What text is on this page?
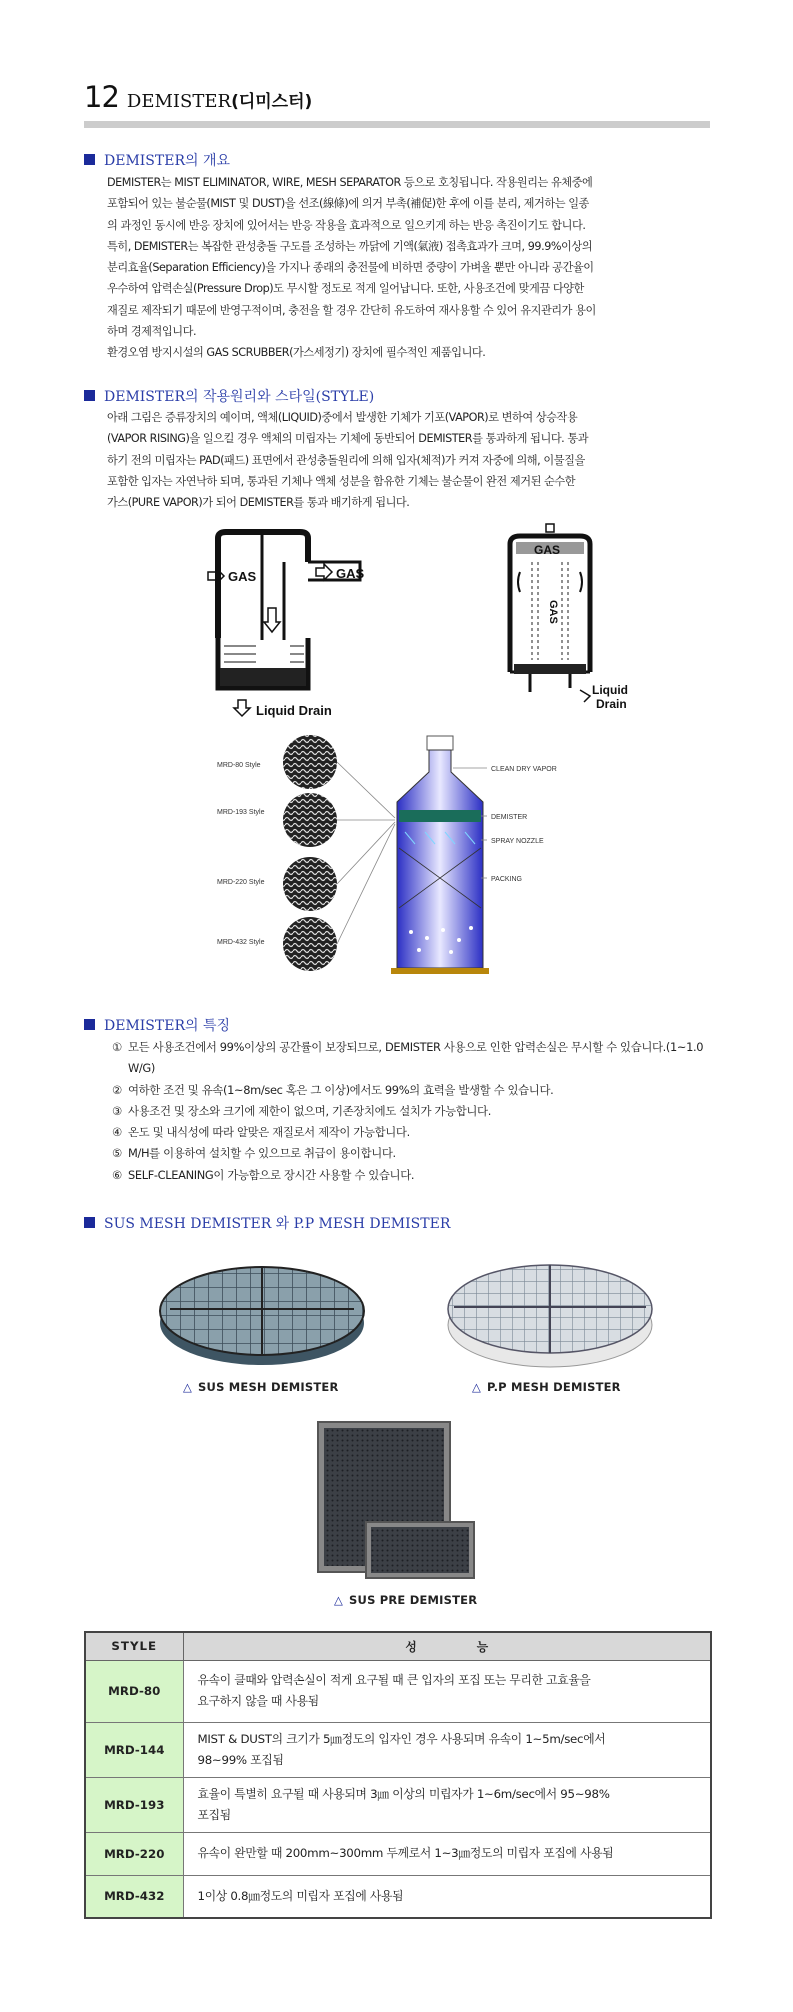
12 DEMISTER(디미스터)
DEMISTER의 개요

DEMISTER는 MIST ELIMINATOR, WIRE, MESH SEPARATOR 등으로 호칭됩니다. 작용원리는 유체중에

포함되어 있는 불순물(MIST 및 DUST)을 선조(線條)에 의거 부촉(補促)한 후에 이를 분리, 제거하는 일종

의 과정인 동시에 반응 장치에 있어서는 반응 작용을 효과적으로 일으키게 하는 반응 촉진이기도 합니다.

특히, DEMISTER는 복잡한 관성충돌 구도를 조성하는 까닭에 기액(氣液) 접촉효과가 크며, 99.9%이상의

분리효율(Separation Efficiency)을 가지나 종래의 충전물에 비하면 중량이 가벼울 뿐만 아니라 공간율이

우수하여 압력손실(Pressure Drop)도 무시할 정도로 적게 일어납니다. 또한, 사용조건에 맞게끔 다양한

재질로 제작되기 때문에 반영구적이며, 충전을 할 경우 간단히 유도하여 재사용할 수 있어 유지관리가 용이

하며 경제적입니다.

환경오염 방지시설의 GAS SCRUBBER(가스세정기) 장치에 필수적인 제품입니다.

DEMISTER의 작용원리와 스타일(STYLE)

아래 그림은 증류장치의 예이며, 액체(LIQUID)중에서 발생한 기체가 기포(VAPOR)로 변하여 상승작용

(VAPOR RISING)을 일으킬 경우 액체의 미립자는 기체에 동반되어 DEMISTER를 통과하게 됩니다. 통과

하기 전의 미립자는 PAD(패드) 표면에서 관성충돌원리에 의해 입자(체적)가 커져 자중에 의해, 이물질을

포함한 입자는 자연낙하 되며, 통과된 기체나 액체 성분을 함유한 기체는 불순물이 완전 제거된 순수한

가스(PURE VAPOR)가 되어 DEMISTER를 통과 배기하게 됩니다.

GAS	GAS
Liquid Drain
GAS
GAS
Liquid
Drain
MRD-80 Style
MRD-193 Style
MRD-220 Style
MRD-432 Style
CLEAN DRY VAPOR
DEMISTER
SPRAY NOZZLE
PACKING
DEMISTER의 특징
① 모든 사용조건에서 99%이상의 공간률이 보장되므로, DEMISTER 사용으로 인한 압력손실은 무시할 수 있습니다.(1~1.0 W/G)
② 여하한 조건 및 유속(1~8m/sec 혹은 그 이상)에서도 99%의 효력을 발생할 수 있습니다.
③ 사용조건 및 장소와 크기에 제한이 없으며, 기존장치에도 설치가 가능합니다.
④ 온도 및 내식성에 따라 알맞은 재질로서 제작이 가능합니다.
⑤ M/H를 이용하여 설치할 수 있으므로 취급이 용이합니다.
⑥ SELF-CLEANING이 가능함으로 장시간 사용할 수 있습니다.
SUS MESH DEMISTER 와 P.P MESH DEMISTER
△ SUS MESH DEMISTER	△ P.P MESH DEMISTER
△ SUS PRE DEMISTER
STYLE	성능
MRD-80	유속이 클때와 압력손실이 적게 요구될 때 큰 입자의 포집 또는 무리한 고효율을
요구하지 않을 때 사용됨

MRD-144	MIST & DUST의 크기가 5㎛정도의 입자인 경우 사용되며 유속이 1~5m/sec에서
98~99% 포집됨

MRD-193	효율이 특별히 요구될 때 사용되며 3㎛ 이상의 미립자가 1~6m/sec에서 95~98%
포집됨

MRD-220	유속이 완만할 때 200mm~300mm 두께로서 1~3㎛정도의 미립자 포집에 사용됨

MRD-432	1이상 0.8㎛정도의 미립자 포집에 사용됨
